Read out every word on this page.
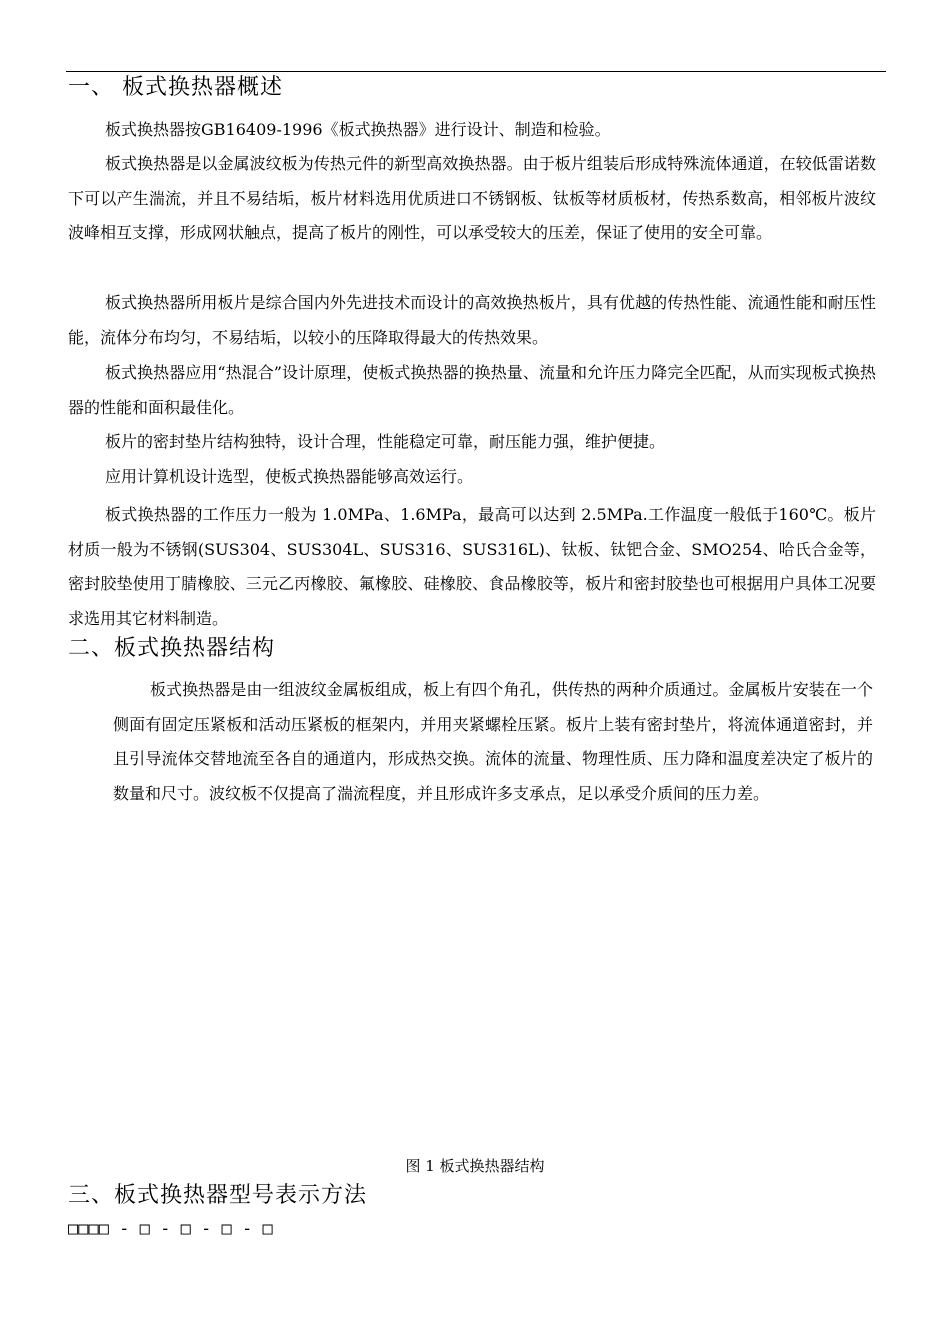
一、 板式换热器概述

板式换热器按GB16409-1996《板式换热器》进行设计、制造和检验。

板式换热器是以金属波纹板为传热元件的新型高效换热器。由于板片组装后形成特殊流体通道，在较低雷诺数下可以产生湍流，并且不易结垢，板片材料选用优质进口不锈钢板、钛板等材质板材，传热系数高，相邻板片波纹波峰相互支撑，形成网状触点，提高了板片的刚性，可以承受较大的压差，保证了使用的安全可靠。

板式换热器所用板片是综合国内外先进技术而设计的高效换热板片，具有优越的传热性能、流通性能和耐压性能，流体分布均匀，不易结垢，以较小的压降取得最大的传热效果。

板式换热器应用“热混合”设计原理，使板式换热器的换热量、流量和允许压力降完全匹配，从而实现板式换热器的性能和面积最佳化。

板片的密封垫片结构独特，设计合理，性能稳定可靠，耐压能力强，维护便捷。

应用计算机设计选型，使板式换热器能够高效运行。

板式换热器的工作压力一般为 1.0MPa、1.6MPa，最高可以达到 2.5MPa.工作温度一般低于160℃。板片材质一般为不锈钢(SUS304、SUS304L、SUS316、SUS316L)、钛板、钛钯合金、SMO254、哈氏合金等，密封胶垫使用丁腈橡胶、三元乙丙橡胶、氟橡胶、硅橡胶、食品橡胶等，板片和密封胶垫也可根据用户具体工况要求选用其它材料制造。

二、板式换热器结构

板式换热器是由一组波纹金属板组成，板上有四个角孔，供传热的两种介质通过。金属板片安装在一个侧面有固定压紧板和活动压紧板的框架内，并用夹紧螺栓压紧。板片上装有密封垫片，将流体通道密封，并且引导流体交替地流至各自的通道内，形成热交换。流体的流量、物理性质、压力降和温度差决定了板片的数量和尺寸。波纹板不仅提高了湍流程度，并且形成许多支承点，足以承受介质间的压力差。

图 1 板式换热器结构
三、板式换热器型号表示方法
□□□□ - □ - □ - □ - □
